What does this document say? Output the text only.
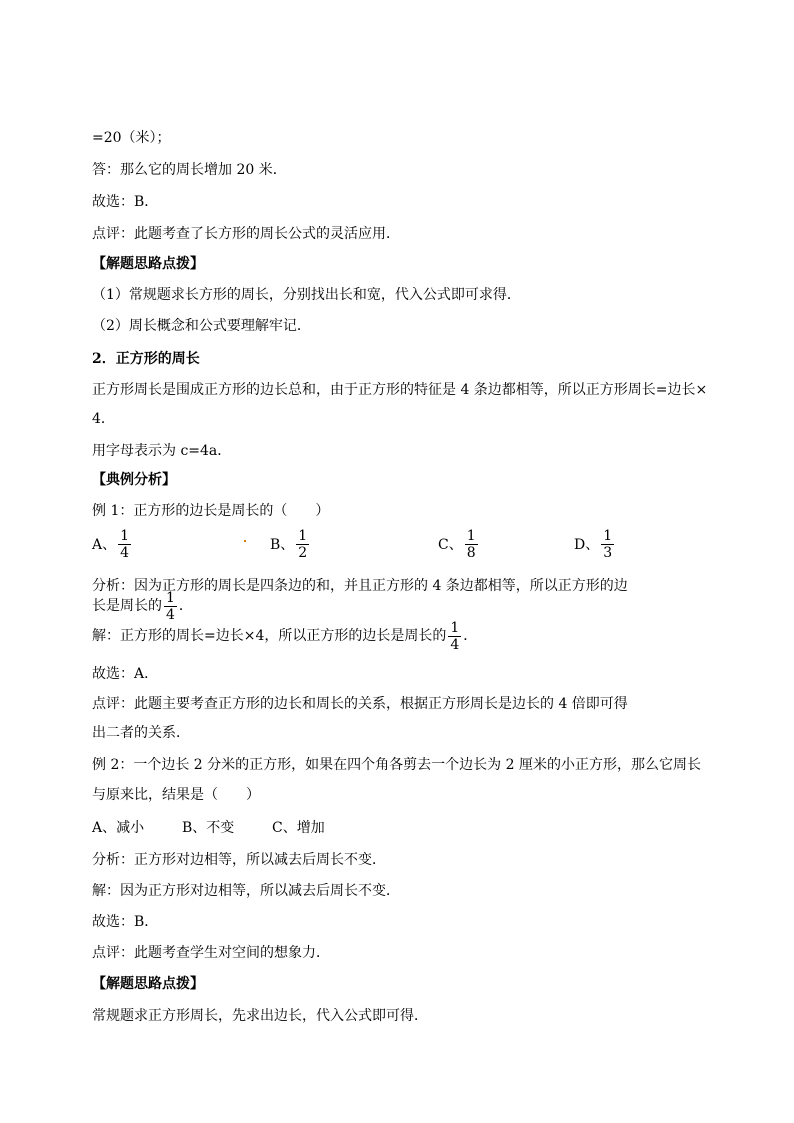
=20（米）；
答：那么它的周长增加 20 米．
故选：B．
点评：此题考查了长方形的周长公式的灵活应用．
【解题思路点拨】
（1）常规题求长方形的周长，分别找出长和宽，代入公式即可求得．
（2）周长概念和公式要理解牢记．
2．正方形的周长
正方形周长是围成正方形的边长总和，由于正方形的特征是 4 条边都相等，所以正方形周长=边长×
4．
用字母表示为 c=4a．
【典例分析】
例 1：正方形的边长是周长的（　　）
A、 $\frac{1}{4}$	B、 $\frac{1}{2}$	C、 $\frac{1}{8}$	D、 $\frac{1}{3}$
分析：因为正方形的周长是四条边的和，并且正方形的 4 条边都相等，所以正方形的边
长是周长的 $\frac{1}{4}$ ．
解：正方形的周长=边长×4，所以正方形的边长是周长的 $\frac{1}{4}$ ．
故选：A．
点评：此题主要考查正方形的边长和周长的关系，根据正方形周长是边长的 4 倍即可得
出二者的关系．
例 2：一个边长 2 分米的正方形，如果在四个角各剪去一个边长为 2 厘米的小正方形，那么它周长
与原来比，结果是（　　）
A、减小	B、不变	C、增加
分析：正方形对边相等，所以减去后周长不变．
解：因为正方形对边相等，所以减去后周长不变．
故选：B．
点评：此题考查学生对空间的想象力．
【解题思路点拨】
常规题求正方形周长，先求出边长，代入公式即可得．
